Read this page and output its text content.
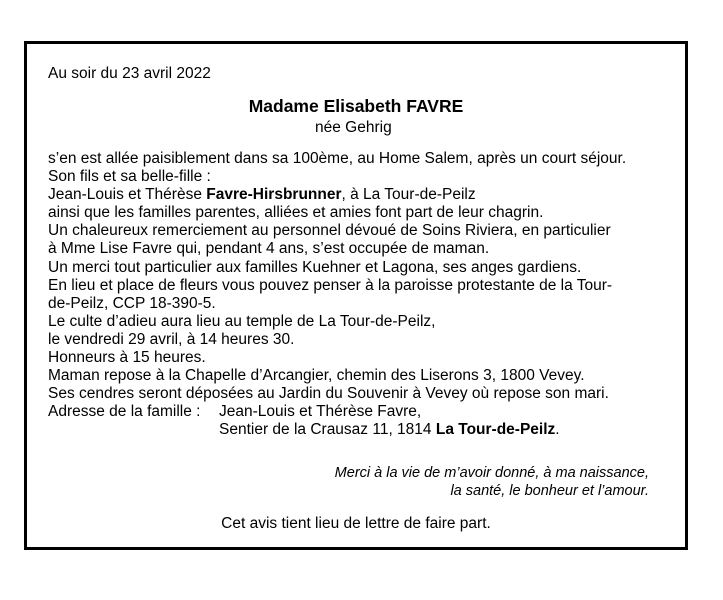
Au soir du 23 avril 2022
Madame Elisabeth FAVRE
née Gehrig
s’en est allée paisiblement dans sa 100ème, au Home Salem, après un court séjour.
Son fils et sa belle-fille :
Jean-Louis et Thérèse Favre-Hirsbrunner, à La Tour-de-Peilz
ainsi que les familles parentes, alliées et amies font part de leur chagrin.
Un chaleureux remerciement au personnel dévoué de Soins Riviera, en particulier
à Mme Lise Favre qui, pendant 4 ans, s’est occupée de maman.
Un merci tout particulier aux familles Kuehner et Lagona, ses anges gardiens.
En lieu et place de fleurs vous pouvez penser à la paroisse protestante de la Tour-
de-Peilz, CCP 18-390-5.
Le culte d’adieu aura lieu au temple de La Tour-de-Peilz,
le vendredi 29 avril, à 14 heures 30.
Honneurs à 15 heures.
Maman repose à la Chapelle d’Arcangier, chemin des Liserons 3, 1800 Vevey.
Ses cendres seront déposées au Jardin du Souvenir à Vevey où repose son mari.
Adresse de la famille :	Jean-Louis et Thérèse Favre,
Sentier de la Crausaz 11, 1814 La Tour-de-Peilz.
Merci à la vie de m’avoir donné, à ma naissance,
la santé, le bonheur et l’amour.
Cet avis tient lieu de lettre de faire part.
